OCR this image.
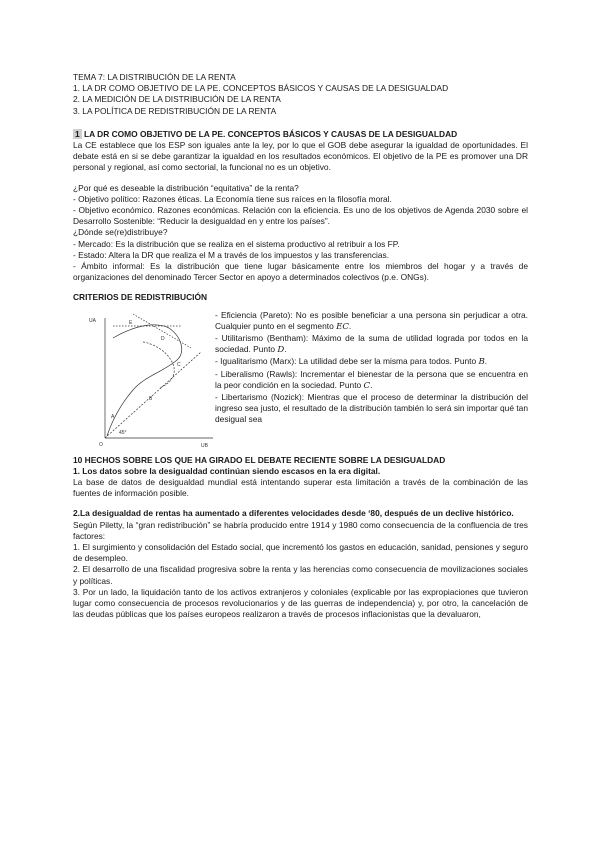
TEMA 7: LA DISTRIBUCIÓN DE LA RENTA

1. LA DR COMO OBJETIVO DE LA PE. CONCEPTOS BÁSICOS Y CAUSAS DE LA DESIGUALDAD

2. LA MEDICIÓN DE LA DISTRIBUCIÓN DE LA RENTA

3. LA POLÍTICA DE REDISTRIBUCIÓN DE LA RENTA

1 LA DR COMO OBJETIVO DE LA PE. CONCEPTOS BÁSICOS Y CAUSAS DE LA DESIGUALDAD

La CE establece que los ESP son iguales ante la ley, por lo que el GOB debe asegurar la igualdad de oportunidades. El debate está en si se debe garantizar la igualdad en los resultados económicos. El objetivo de la PE es promover una DR personal y regional, así como sectorial, la funcional no es un objetivo.

¿Por qué es deseable la distribución “equitativa” de la renta?

- Objetivo político: Razones éticas. La Economía tiene sus raíces en la filosofía moral.

- Objetivo económico. Razones económicas. Relación con la eficiencia. Es uno de los objetivos de Agenda 2030 sobre el Desarrollo Sostenible: “Reducir la desigualdad en y entre los países”.

¿Dónde se(re)distribuye?

- Mercado: Es la distribución que se realiza en el sistema productivo al retribuir a los FP.

- Estado: Altera la DR que realiza el M a través de los impuestos y las transferencias.

- Ámbito informal: Es la distribución que tiene lugar básicamente entre los miembros del hogar y a través de organizaciones del denominado Tercer Sector en apoyo a determinados colectivos (p.e. ONGs).

CRITERIOS DE REDISTRIBUCIÓN

UA
UB
45°
E
C
D
B
A
O

- Eficiencia (Pareto): No es posible beneficiar a una persona sin perjudicar a otra. Cualquier punto en el segmento EC.

- Utilitarismo (Bentham): Máximo de la suma de utilidad lograda por todos en la sociedad. Punto D.

- Igualitarismo (Marx): La utilidad debe ser la misma para todos. Punto B.

- Liberalismo (Rawls): Incrementar el bienestar de la persona que se encuentra en la peor condición en la sociedad. Punto C.

- Libertarismo (Nozick): Mientras que el proceso de determinar la distribución del ingreso sea justo, el resultado de la distribución también lo será sin importar qué tan desigual sea

10 HECHOS SOBRE LOS QUE HA GIRADO EL DEBATE RECIENTE SOBRE LA DESIGUALDAD

1. Los datos sobre la desigualdad continúan siendo escasos en la era digital.

La base de datos de desigualdad mundial está intentando superar esta limitación a través de la combinación de las fuentes de información posible.

2.La desigualdad de rentas ha aumentado a diferentes velocidades desde ‘80, después de un declive histórico.

Según Piletty, la “gran redistribución” se habría producido entre 1914 y 1980 como consecuencia de la confluencia de tres factores:

1. El surgimiento y consolidación del Estado social, que incrementó los gastos en educación, sanidad, pensiones y seguro de desempleo.

2. El desarrollo de una fiscalidad progresiva sobre la renta y las herencias como consecuencia de movilizaciones sociales y políticas.

3. Por un lado, la liquidación tanto de los activos extranjeros y coloniales (explicable por las expropiaciones que tuvieron lugar como consecuencia de procesos revolucionarios y de las guerras de independencia) y, por otro, la cancelación de las deudas públicas que los países europeos realizaron a través de procesos inflacionistas que la devaluaron,
